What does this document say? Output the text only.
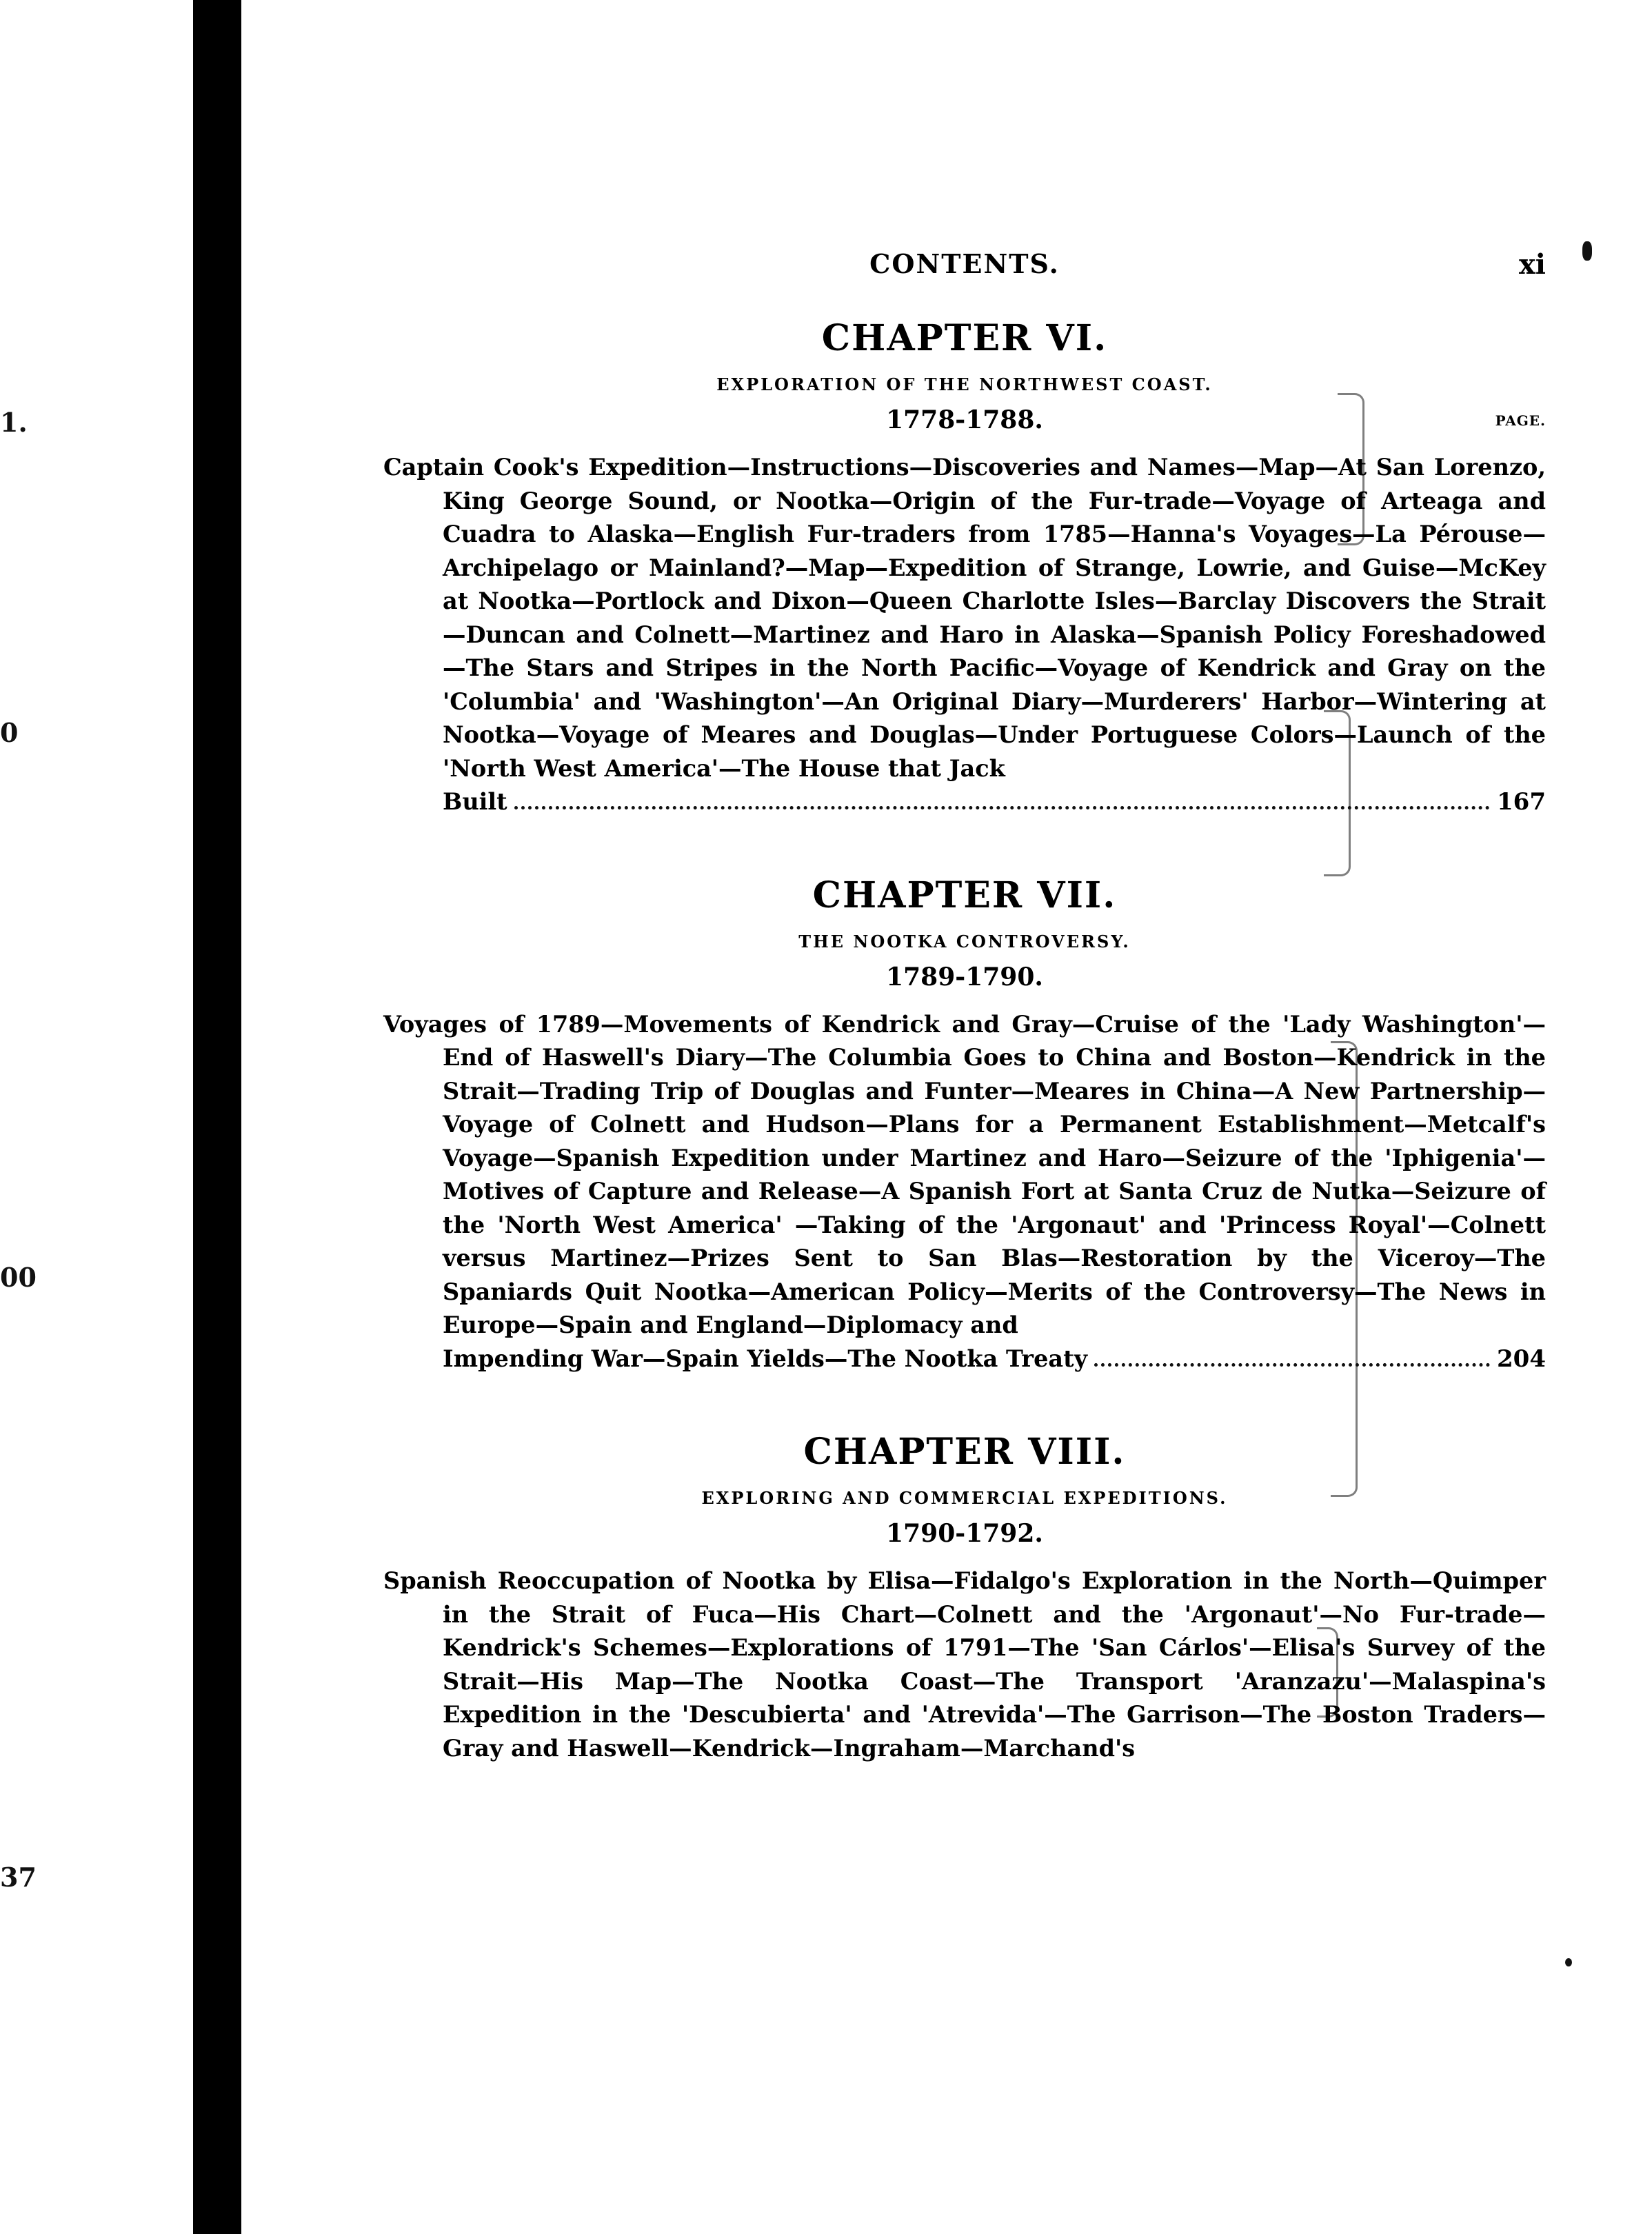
1.
0
00
37
CONTENTS.	xi
CHAPTER VI.
EXPLORATION OF THE NORTHWEST COAST.
1778-1788.	PAGE.

Captain Cook's Expedition—Instructions—Discoveries and Names—Map—At San Lorenzo, King George Sound, or Nootka—Origin of the Fur-trade—Voyage of Arteaga and Cuadra to Alaska—English Fur-traders from 1785—Hanna's Voyages—La Pérouse—Archipelago or Mainland?—Map—Expedition of Strange, Lowrie, and Guise—McKey at Nootka—Portlock and Dixon—Queen Charlotte Isles—Barclay Discovers the Strait—Duncan and Colnett—Martinez and Haro in Alaska—Spanish Policy Foreshadowed—The Stars and Stripes in the North Pacific—Voyage of Kendrick and Gray on the 'Columbia' and 'Washington'—An Original Diary—Murderers' Harbor—Wintering at Nootka—Voyage of Meares and Douglas—Under Portuguese Colors—Launch of the 'North West America'—The House that Jack

Built	167
CHAPTER VII.
THE NOOTKA CONTROVERSY.
1789-1790.

Voyages of 1789—Movements of Kendrick and Gray—Cruise of the 'Lady Washington'—End of Haswell's Diary—The Columbia Goes to China and Boston—Kendrick in the Strait—Trading Trip of Douglas and Funter—Meares in China—A New Partnership—Voyage of Colnett and Hudson—Plans for a Permanent Establishment—Metcalf's Voyage—Spanish Expedition under Martinez and Haro—Seizure of the 'Iphigenia'—Motives of Capture and Release—A Spanish Fort at Santa Cruz de Nutka—Seizure of the 'North West America' —Taking of the 'Argonaut' and 'Princess Royal'—Colnett versus Martinez—Prizes Sent to San Blas—Restoration by the Viceroy—The Spaniards Quit Nootka—American Policy—Merits of the Controversy—The News in Europe—Spain and England—Diplomacy and

Impending War—Spain Yields—The Nootka Treaty	204
CHAPTER VIII.
EXPLORING AND COMMERCIAL EXPEDITIONS.
1790-1792.

Spanish Reoccupation of Nootka by Elisa—Fidalgo's Exploration in the North—Quimper in the Strait of Fuca—His Chart—Colnett and the 'Argonaut'—No Fur-trade—Kendrick's Schemes—Explorations of 1791—The 'San Cárlos'—Elisa's Survey of the Strait—His Map—The Nootka Coast—The Transport 'Aranzazu'—Malaspina's Expedition in the 'Descubierta' and 'Atrevida'—The Garrison—The Boston Traders—Gray and Haswell—Kendrick—Ingraham—Marchand's
